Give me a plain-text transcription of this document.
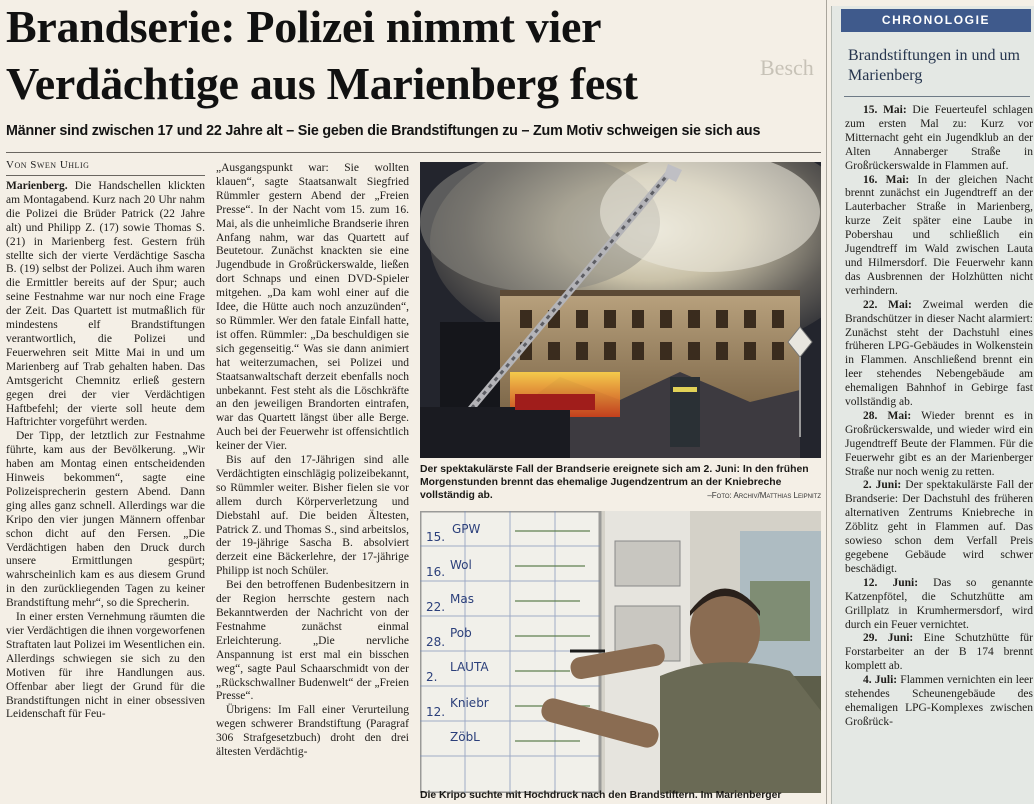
Brandserie: Polizei nimmt vier
Verdächtige aus Marienberg fest
Männer sind zwischen 17 und 22 Jahre alt – Sie geben die Brandstiftungen zu – Zum Motiv schweigen sie sich aus
Von Swen Uhlig

Marienberg. Die Handschellen klickten am Montagabend. Kurz nach 20 Uhr nahm die Polizei die Brüder Patrick (22 Jahre alt) und Philipp Z. (17) sowie Thomas S. (21) in Marienberg fest. Gestern früh stellte sich der vierte Verdächtige Sascha B. (19) selbst der Polizei. Auch ihm waren die Ermittler bereits auf der Spur; auch seine Festnahme war nur noch eine Frage der Zeit. Das Quartett ist mutmaßlich für mindestens elf Brandstiftungen verantwortlich, die Polizei und Feuerwehren seit Mitte Mai in und um Marienberg auf Trab gehalten haben. Das Amtsgericht Chemnitz erließ gestern gegen drei der vier Verdächtigen Haftbefehl; der vierte soll heute dem Haftrichter vorgeführt werden.

Der Tipp, der letztlich zur Festnahme führte, kam aus der Bevölkerung. „Wir haben am Montag einen entscheidenden Hinweis bekommen“, sagte eine Polizeisprecherin gestern Abend. Dann ging alles ganz schnell. Allerdings war die Kripo den vier jungen Männern offenbar schon dicht auf den Fersen. „Die Verdächtigen haben den Druck durch unsere Ermittlungen gespürt; wahrscheinlich kam es aus diesem Grund in den zurückliegenden Tagen zu keiner Brandstiftung mehr“, so die Sprecherin.

In einer ersten Vernehmung räumten die vier Verdächtigen die ihnen vorgeworfenen Straftaten laut Polizei im Wesentlichen ein. Allerdings schwiegen sie sich zu den Motiven für ihre Handlungen aus. Offenbar aber liegt der Grund für die Brandstiftungen nicht in einer obsessiven Leidenschaft für Feu-

„Ausgangspunkt war: Sie wollten klauen“, sagte Staatsanwalt Siegfried Rümmler gestern Abend der „Freien Presse“. In der Nacht vom 15. zum 16. Mai, als die unheimliche Brandserie ihren Anfang nahm, war das Quartett auf Beutetour. Zunächst knackten sie eine Jugendbude in Großrückerswalde, ließen dort Schnaps und einen DVD-Spieler mitgehen. „Da kam wohl einer auf die Idee, die Hütte auch noch anzuzünden“, so Rümmler. Wer den fatale Einfall hatte, ist offen. Rümmler: „Da beschuldigen sie sich gegenseitig.“ Was sie dann animiert hat weiterzumachen, sei Polizei und Staatsanwaltschaft derzeit ebenfalls noch unbekannt. Fest steht als die Löschkräfte an den jeweiligen Brandorten eintrafen, war das Quartett längst über alle Berge. Auch bei der Feuerwehr ist offensichtlich keiner der Vier.

Bis auf den 17-Jährigen sind alle Verdächtigten einschlägig polizeibekannt, so Rümmler weiter. Bisher fielen sie vor allem durch Körperverletzung und Diebstahl auf. Die beiden Ältesten, Patrick Z. und Thomas S., sind arbeitslos, der 19-jährige Sascha B. absolviert derzeit eine Bäckerlehre, der 17-jährige Philipp ist noch Schüler.

Bei den betroffenen Budenbesitzern in der Region herrschte gestern nach Bekanntwerden der Nachricht von der Festnahme zunächst einmal Erleichterung. „Die nervliche Anspannung ist erst mal ein bisschen weg“, sagte Paul Schaarschmidt von der „Rückschwallner Budenwelt“ der „Freien Presse“.

Übrigens: Im Fall einer Verurteilung wegen schwerer Brandstiftung (Paragraf 306 Strafgesetzbuch) droht den drei ältesten Verdächtig-

Der spektakulärste Fall der Brandserie ereignete sich am 2. Juni: In den frühen Morgenstunden brennt das ehemalige Jugendzentrum an der Kniebreche vollständig ab.	–Foto: Archiv/Matthias Leipnitz
GPW
Wol
Mas
Pob
LAUTA
Kniebr
ZöbL
15.
16.
22.
28.
2.
12.
Die Kripo suchte mit Hochdruck nach den Brandstiftern. Im Marienberger
Besch
CHRONOLOGIE
Brandstiftungen in und um Marienberg

15. Mai: Die Feuerteufel schlagen zum ersten Mal zu: Kurz vor Mitternacht geht ein Jugendklub an der Alten Annaberger Straße in Großrückerswalde in Flammen auf.

16. Mai: In der gleichen Nacht brennt zunächst ein Jugendtreff an der Lauterbacher Straße in Marienberg, kurze Zeit später eine Laube in Pobershau und schließlich ein Jugendtreff im Wald zwischen Lauta und Hilmersdorf. Die Feuerwehr kann das Ausbrennen der Holzhütten nicht verhindern.

22. Mai: Zweimal werden die Brandschützer in dieser Nacht alarmiert: Zunächst steht der Dachstuhl eines früheren LPG-Gebäudes in Wolkenstein in Flammen. Anschließend brennt ein leer stehendes Nebengebäude am ehemaligen Bahnhof in Gebirge fast vollständig ab.

28. Mai: Wieder brennt es in Großrückerswalde, und wieder wird ein Jugendtreff Beute der Flammen. Für die Feuerwehr gibt es an der Marienberger Straße nur noch wenig zu retten.

2. Juni: Der spektakulärste Fall der Brandserie: Der Dachstuhl des früheren alternativen Zentrums Kniebreche in Zöblitz geht in Flammen auf. Das sowieso schon dem Verfall Preis gegebene Gebäude wird schwer beschädigt.

12. Juni: Das so genannte Katzenpfötel, die Schutzhütte am Grillplatz in Krumhermersdorf, wird durch ein Feuer vernichtet.

29. Juni: Eine Schutzhütte für Forstarbeiter an der B 174 brennt komplett ab.

4. Juli: Flammen vernichten ein leer stehendes Scheunengebäude des ehemaligen LPG-Komplexes zwischen Großrück-
